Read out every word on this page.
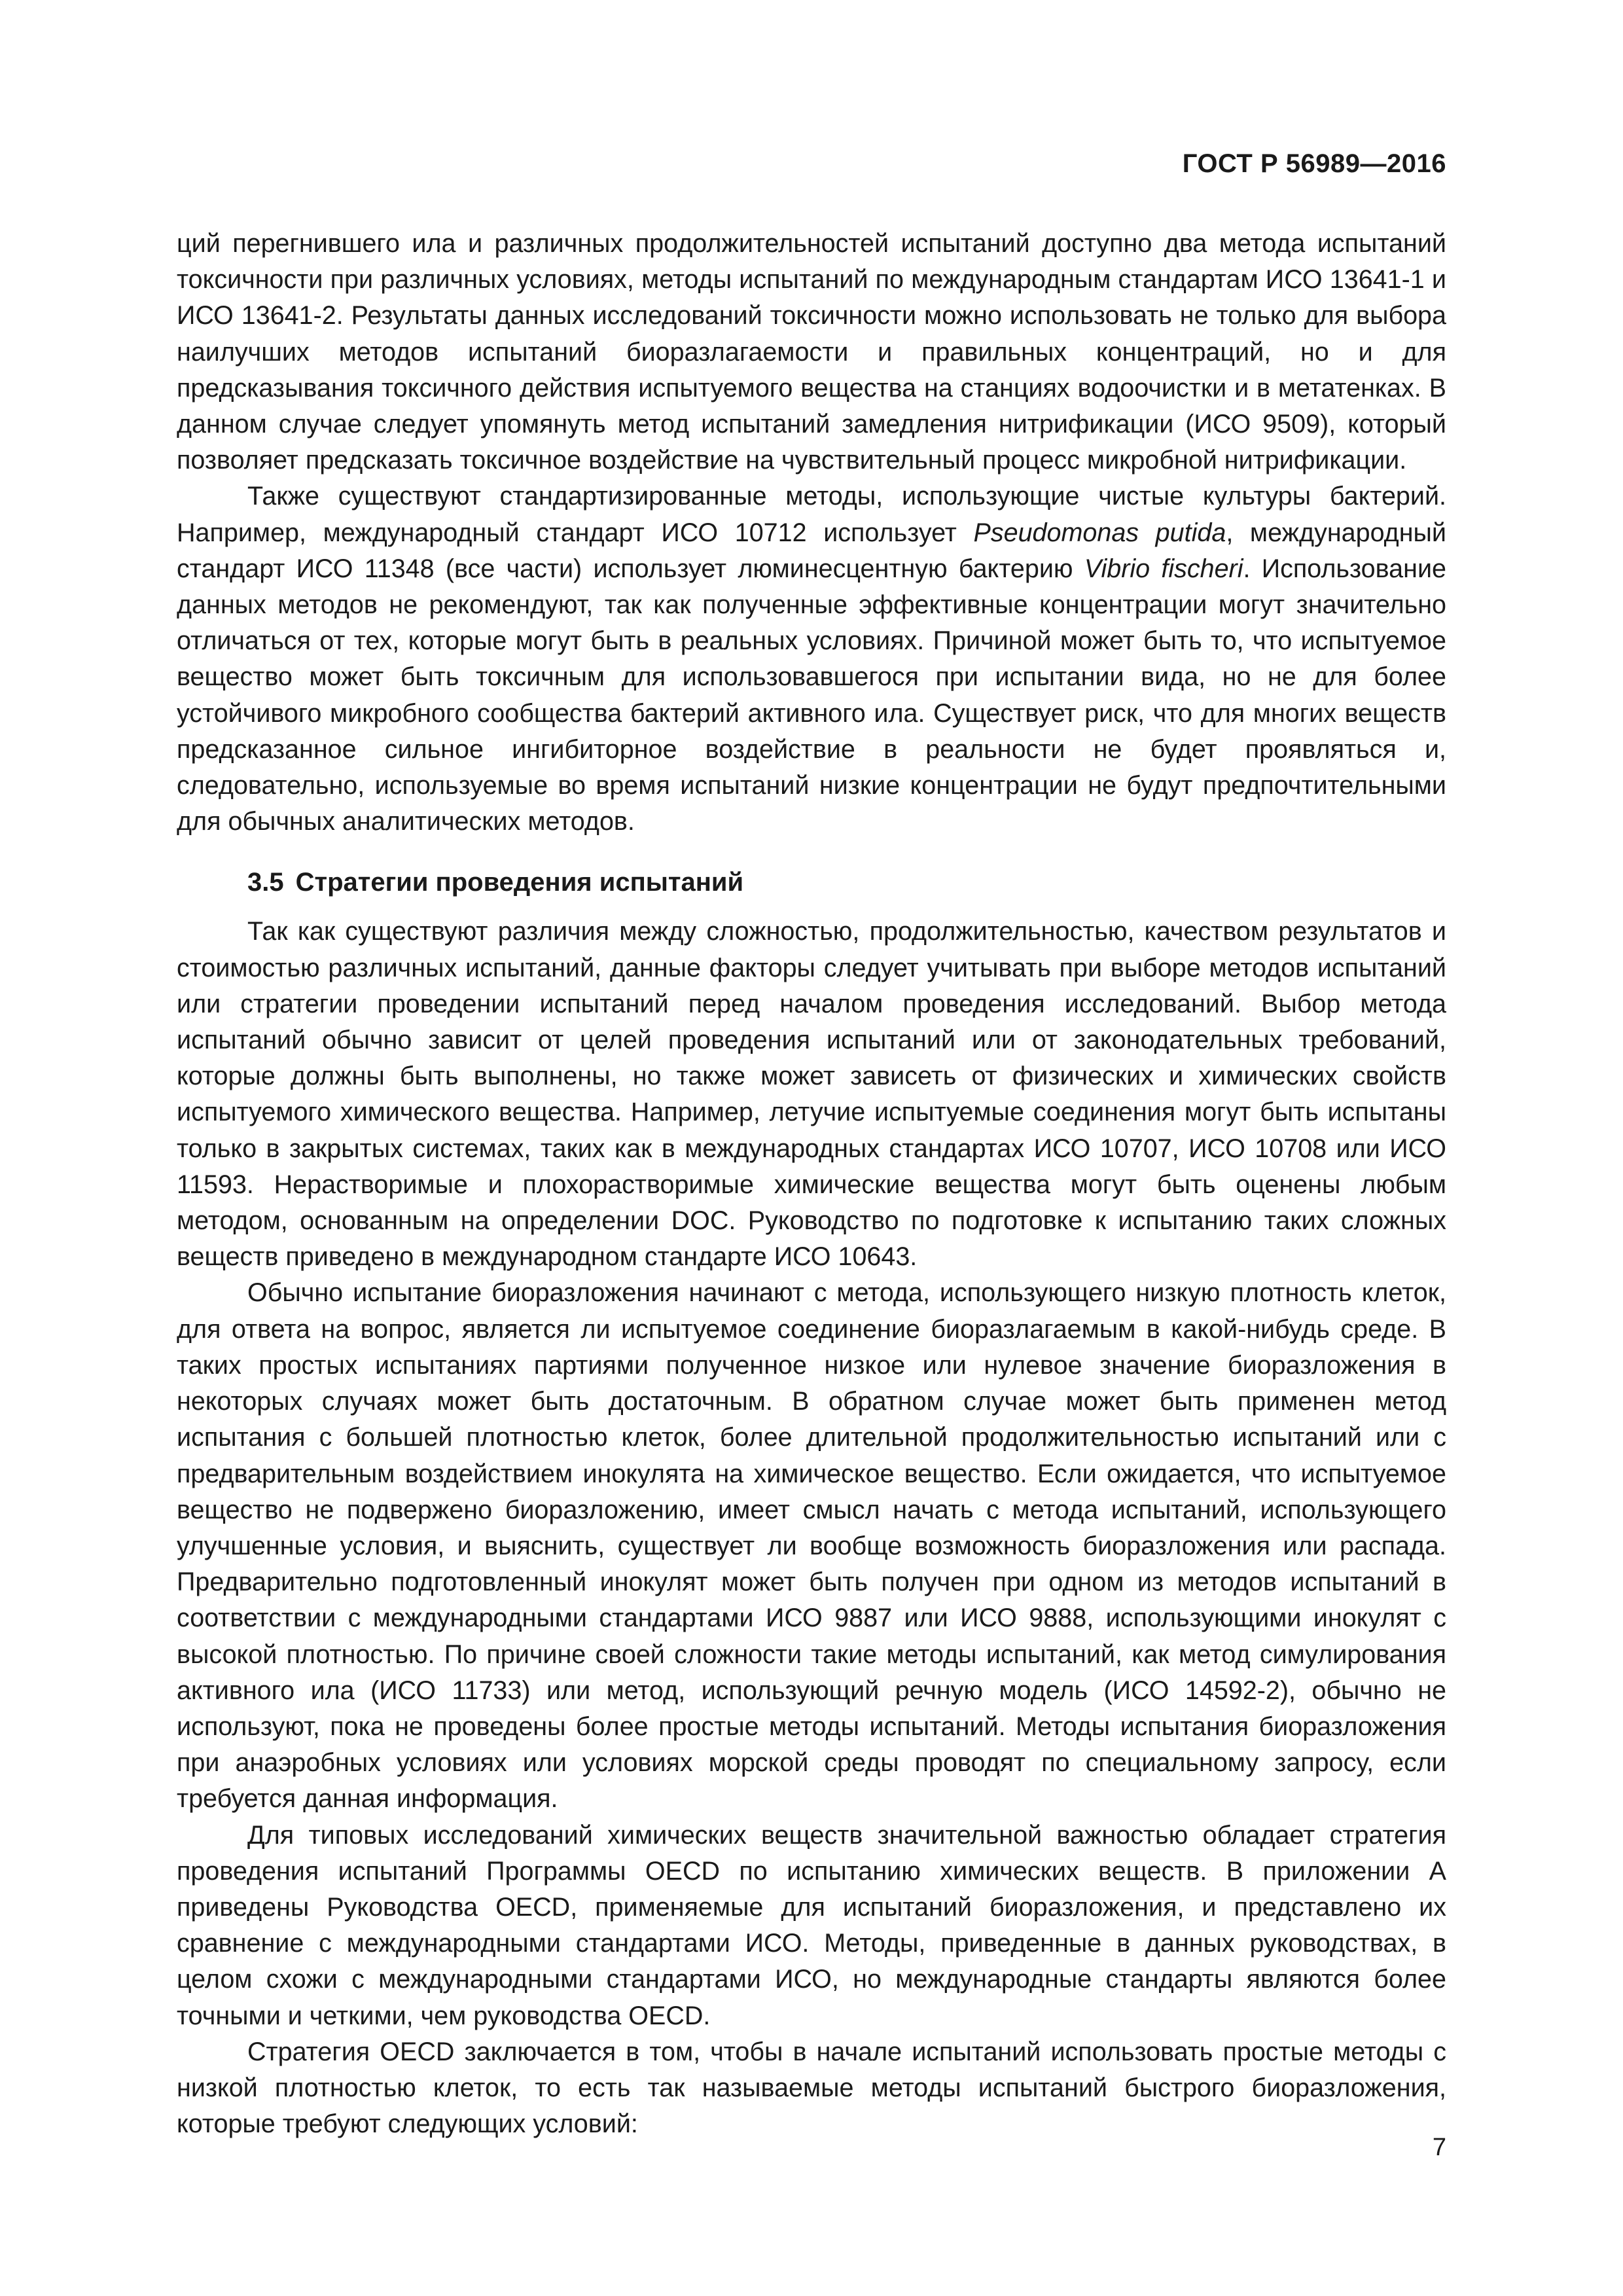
ГОСТ Р 56989—2016

ций перегнившего ила и различных продолжительностей испытаний доступно два метода испытаний токсичности при различных условиях, методы испытаний по международным стандартам ИСО 13641-1 и ИСО 13641-2. Результаты данных исследований токсичности можно использовать не только для выбора наилучших методов испытаний биоразлагаемости и правильных концентраций, но и для предсказывания токсичного действия испытуемого вещества на станциях водоочистки и в метатенках. В данном случае следует упомянуть метод испытаний замедления нитрификации (ИСО 9509), который позволяет предсказать токсичное воздействие на чувствительный процесс микробной нитрификации.

Также существуют стандартизированные методы, использующие чистые культуры бактерий. Например, международный стандарт ИСО 10712 использует Pseudomonas putida, международный стандарт ИСО 11348 (все части) использует люминесцентную бактерию Vibrio fischeri. Использование данных методов не рекомендуют, так как полученные эффективные концентрации могут значительно отличаться от тех, которые могут быть в реальных условиях. Причиной может быть то, что испытуемое вещество может быть токсичным для использовавшегося при испытании вида, но не для более устойчивого микробного сообщества бактерий активного ила. Существует риск, что для многих веществ предсказанное сильное ингибиторное воздействие в реальности не будет проявляться и, следовательно, используемые во время испытаний низкие концентрации не будут предпочтительными для обычных аналитических методов.

3.5 Стратегии проведения испытаний

Так как существуют различия между сложностью, продолжительностью, качеством результатов и стоимостью различных испытаний, данные факторы следует учитывать при выборе методов испытаний или стратегии проведении испытаний перед началом проведения исследований. Выбор метода испытаний обычно зависит от целей проведения испытаний или от законодательных требований, которые должны быть выполнены, но также может зависеть от физических и химических свойств испытуемого химического вещества. Например, летучие испытуемые соединения могут быть испытаны только в закрытых системах, таких как в международных стандартах ИСО 10707, ИСО 10708 или ИСО 11593. Нерастворимые и плохорастворимые химические вещества могут быть оценены любым методом, основанным на определении DOC. Руководство по подготовке к испытанию таких сложных веществ приведено в международном стандарте ИСО 10643.

Обычно испытание биоразложения начинают с метода, использующего низкую плотность клеток, для ответа на вопрос, является ли испытуемое соединение биоразлагаемым в какой-нибудь среде. В таких простых испытаниях партиями полученное низкое или нулевое значение биоразложения в некоторых случаях может быть достаточным. В обратном случае может быть применен метод испытания с большей плотностью клеток, более длительной продолжительностью испытаний или с предварительным воздействием инокулята на химическое вещество. Если ожидается, что испытуемое вещество не подвержено биоразложению, имеет смысл начать с метода испытаний, использующего улучшенные условия, и выяснить, существует ли вообще возможность биоразложения или распада. Предварительно подготовленный инокулят может быть получен при одном из методов испытаний в соответствии с международными стандартами ИСО 9887 или ИСО 9888, использующими инокулят с высокой плотностью. По причине своей сложности такие методы испытаний, как метод симулирования активного ила (ИСО 11733) или метод, использующий речную модель (ИСО 14592-2), обычно не используют, пока не проведены более простые методы испытаний. Методы испытания биоразложения при анаэробных условиях или условиях морской среды проводят по специальному запросу, если требуется данная информация.

Для типовых исследований химических веществ значительной важностью обладает стратегия проведения испытаний Программы OECD по испытанию химических веществ. В приложении А приведены Руководства OECD, применяемые для испытаний биоразложения, и представлено их сравнение с международными стандартами ИСО. Методы, приведенные в данных руководствах, в целом схожи с международными стандартами ИСО, но международные стандарты являются более точными и четкими, чем руководства OECD.

Стратегия OECD заключается в том, чтобы в начале испытаний использовать простые методы с низкой плотностью клеток, то есть так называемые методы испытаний быстрого биоразложения, которые требуют следующих условий:

7
